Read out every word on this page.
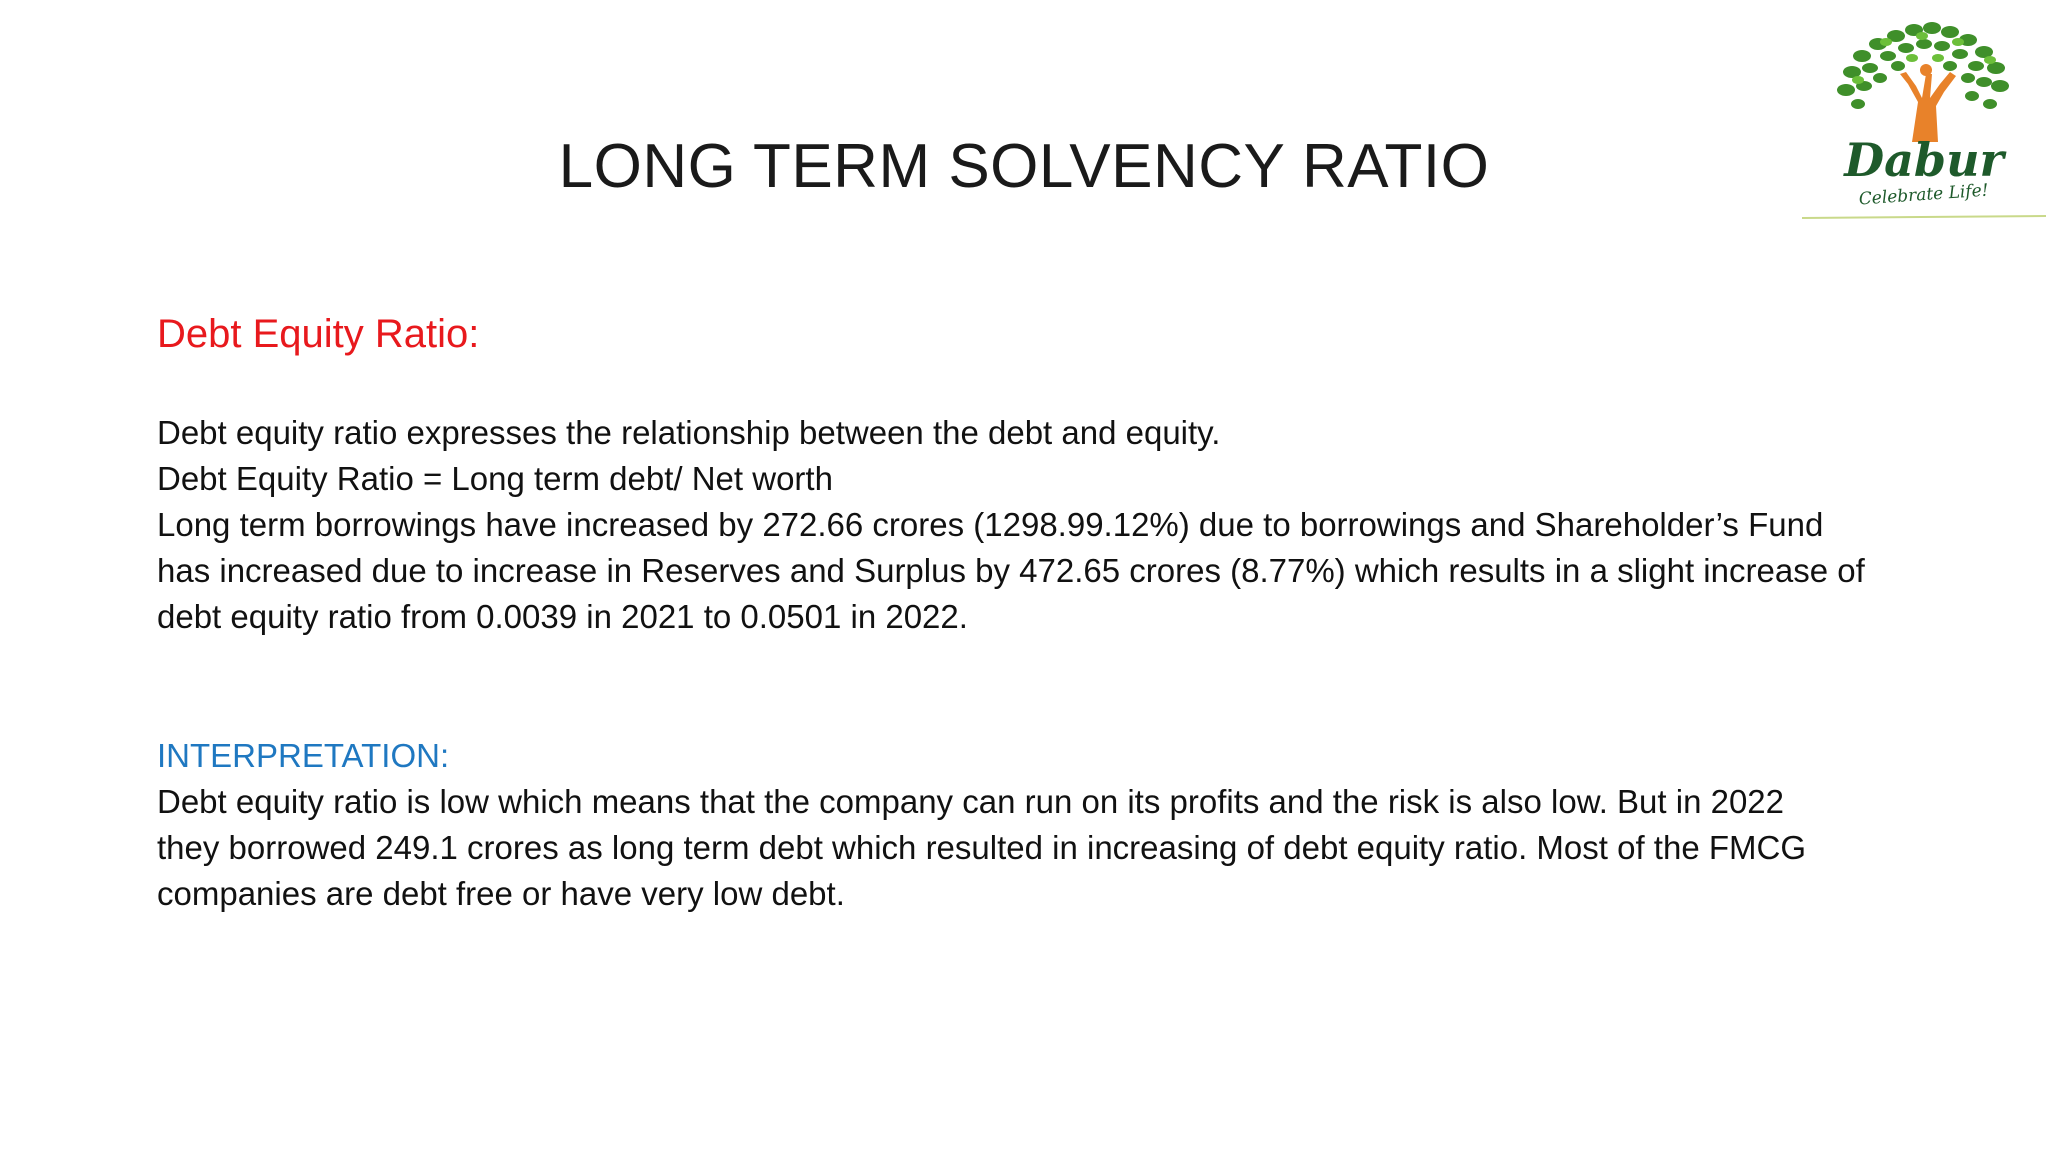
Dabur
Celebrate Life!
LONG TERM SOLVENCY RATIO
Debt Equity Ratio:
Debt equity ratio expresses the relationship between the debt and equity.
Debt Equity Ratio = Long term debt/ Net worth
Long term borrowings have increased by 272.66 crores (1298.99.12%) due to borrowings and Shareholder’s Fund
has increased due to increase in Reserves and Surplus by 472.65 crores (8.77%) which results in a slight increase of
debt equity ratio from 0.0039 in 2021 to 0.0501 in 2022.
INTERPRETATION:
Debt equity ratio is low which means that the company can run on its profits and the risk is also low. But in 2022
they borrowed 249.1 crores as long term debt which resulted in increasing of debt equity ratio. Most of the FMCG
companies are debt free or have very low debt.
